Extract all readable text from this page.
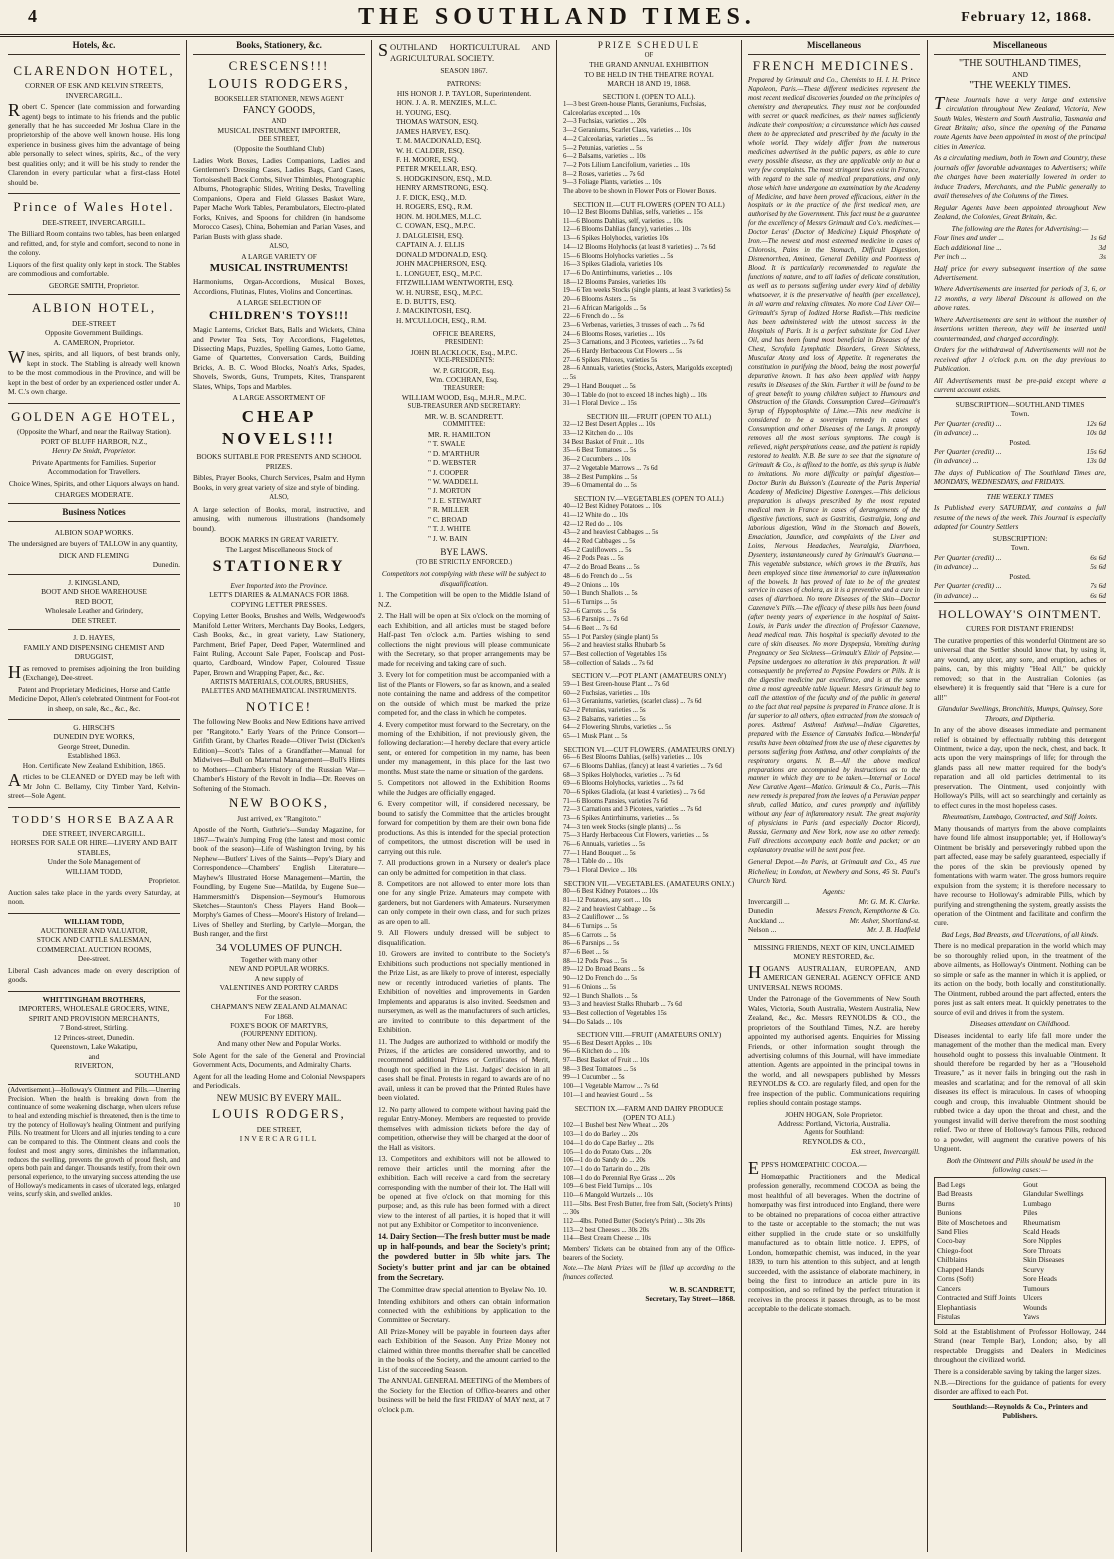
4	THE SOUTHLAND TIMES.	February 12, 1868.
Hotels, &c.
CLARENDON HOTEL,
CORNER OF ESK AND KELVIN STREETS, INVERCARGILL.

Robert C. Spencer (late commission and forwarding agent) begs to intimate to his friends and the public generally that he has succeeded Mr Joshua Clare in the proprietorship of the above well known house. His long experience in business gives him the advantage of being able personally to select wines, spirits, &c., of the very best qualities only; and it will be his study to render the Clarendon in every particular what a first-class Hotel should be.

Prince of Wales Hotel.
DEE-STREET, INVERCARGILL.

The Billiard Room contains two tables, has been enlarged and refitted, and, for style and comfort, second to none in the colony.

Liquors of the first quality only kept in stock. The Stables are commodious and comfortable.

GEORGE SMITH, Proprietor.
ALBION HOTEL,
DEE-STREET
Opposite Government Buildings.
A. CAMERON, Proprietor.

Wines, spirits, and all liquors, of best brands only, kept in stock. The Stabling is already well known to be the most commodious in the Province, and will be kept in the best of order by an experienced ostler under A. M. C.'s own charge.

GOLDEN AGE HOTEL,
(Opposite the Wharf, and near the Railway Station).
PORT OF BLUFF HARBOR, N.Z.,
Henry De Smidt, Proprietor.

Private Apartments for Families. Superior Accommodation for Travellers.

Choice Wines, Spirits, and other Liquors always on hand.

CHARGES MODERATE.
Business Notices
ALBION SOAP WORKS.

The undersigned are buyers of TALLOW in any quantity,

DICK AND FLEMING
Dunedin.
J. KINGSLAND,
BOOT AND SHOE WAREHOUSE
RED BOOT,
Wholesale Leather and Grindery,
DEE STREET.
J. D. HAYES,
FAMILY AND DISPENSING CHEMIST AND DRUGGIST,

Has removed to premises adjoining the Iron building (Exchange), Dee-street.

Patent and Proprietary Medicines, Horse and Cattle Medicine Depot, Allen's celebrated Ointment for Foot-rot in sheep, on sale, &c., &c., &c.

G. HIRSCH'S
DUNEDIN DYE WORKS,
George Street, Dunedin.
Established 1863.
Hon. Certificate New Zealand Exhibition, 1865.

Articles to be CLEANED or DYED may be left with Mr John C. Bellamy, City Timber Yard, Kelvin-street—Sole Agent.

TODD'S HORSE BAZAAR
DEE STREET, INVERCARGILL.
HORSES FOR SALE OR HIRE—LIVERY AND BAIT STABLES,
Under the Sole Management of
WILLIAM TODD,
Proprietor.

Auction sales take place in the yards every Saturday, at noon.

WILLIAM TODD,
AUCTIONEER AND VALUATOR,
STOCK AND CATTLE SALESMAN,
COMMERCIAL AUCTION ROOMS,
Dee-street.

Liberal Cash advances made on every description of goods.

WHITTINGHAM BROTHERS,
IMPORTERS, WHOLESALE GROCERS, WINE, SPIRIT AND PROVISION MERCHANTS,
7 Bond-street, Stirling.
12 Princes-street, Dunedin.
Queenstown, Lake Wakatipu,
and
RIVERTON,
SOUTHLAND

(Advertisement.)—Holloway's Ointment and Pills.—Unerring Precision. When the health is breaking down from the continuance of some weakening discharge, when ulcers refuse to heal and extending mischief is threatened, then is the time to try the potency of Holloway's healing Ointment and purifying Pills. No treatment for Ulcers and all injuries tending to a cure can be compared to this. The Ointment cleans and cools the foulest and most angry sores, diminishes the inflammation, reduces the swelling, prevents the growth of proud flesh, and opens both pain and danger. Thousands testify, from their own personal experience, to the unvarying success attending the use of Holloway's medicaments in cases of ulcerated legs, enlarged veins, scurfy skin, and swelled ankles.

10
Books, Stationery, &c.
CRESCENS!!!
LOUIS RODGERS,
BOOKSELLER STATIONER, NEWS AGENT
FANCY GOODS,
AND
MUSICAL INSTRUMENT IMPORTER,
DEE STREET,
(Opposite the Southland Club)

Ladies Work Boxes, Ladies Companions, Ladies and Gentlemen's Dressing Cases, Ladies Bags, Card Cases, Tortoiseshell Back Combs, Silver Thimbles, Photographic Albums, Photographic Slides, Writing Desks, Travelling Companions, Opera and Field Glasses Basket Ware, Paper Mache Work Tables, Perambulators, Electro-plated Forks, Knives, and Spoons for children (in handsome Morocco Cases), China, Bohemian and Parian Vases, and Parian Busts with glass shade.

ALSO,
A LARGE VARIETY OF
MUSICAL INSTRUMENTS!

Harmoniums, Organ-Accordions, Musical Boxes, Accordions, Flutinas, Flutes, Violins and Concertinas.

A LARGE SELECTION OF
CHILDREN'S TOYS!!!

Magic Lanterns, Cricket Bats, Balls and Wickets, China and Pewter Tea Sets, Toy Accordions, Flagelettes, Dissecting Maps, Puzzles, Spelling Games, Lotto Game, Game of Quartettes, Conversation Cards, Building Bricks, A. B. C. Wood Blocks, Noah's Arks, Spades, Shovels, Swords, Guns, Trumpets, Kites, Transparent Slates, Whips, Tops and Marbles.

A LARGE ASSORTMENT OF
CHEAP NOVELS!!!
BOOKS SUITABLE FOR PRESENTS AND SCHOOL PRIZES.

Bibles, Prayer Books, Church Services, Psalm and Hymn Books, in very great variety of size and style of binding.

ALSO,

A large selection of Books, moral, instructive, and amusing, with numerous illustrations (handsomely bound).

BOOK MARKS IN GREAT VARIETY.
The Largest Miscellaneous Stock of
STATIONERY
Ever Imported into the Province.
LETT'S DIARIES & ALMANACS FOR 1868.
COPYING LETTER PRESSES.

Copying Letter Books, Brushes and Wells, Wedgewood's Manifold Letter Writers, Merchants Day Books, Ledgers, Cash Books, &c., in great variety, Law Stationery, Parchment, Brief Paper, Deed Paper, Watermlined and Faint Ruling, Account Sale Paper, Foolscap and Post-quarto, Cardboard, Window Paper, Coloured Tissue Paper, Brown and Wrapping Paper, &c., &c.

ARTISTS MATERIALS, COLOURS, BRUSHES, PALETTES AND MATHEMATICAL INSTRUMENTS.
NOTICE!

The following New Books and New Editions have arrived per "Rangitoto." Early Years of the Prince Consort—Grifith Grant, by Charles Reade—Oliver Twist (Dicken's Edition)—Scott's Tales of a Grandfather—Manual for Midwives—Bull on Maternal Management—Bull's Hints to Mothers—Chamber's History of the Russian War—Chamber's History of the Revolt in India—Dr. Reeves on Softening of the Stomach.

NEW BOOKS,
Just arrived, ex "Rangitoto."

Apostle of the North, Guthrie's—Sunday Magazine, for 1867—Twain's Jumping Frog (the latest and most comic book of the season)—Life of Washington Irving, by his Nephew—Butlers' Lives of the Saints—Pepy's Diary and Correspondence—Chambers' English Literature—Mayhew's Illustrated Horse Management—Martin, the Foundling, by Eugene Sue—Matilda, by Eugene Sue—Hammersmith's Dispension—Seymour's Humorous Sketches—Staunton's Chess Players Hand Book—Morphy's Games of Chess—Moore's History of Ireland—Lives of Shelley and Sterling, by Carlyle—Morgan, the Bush ranger, and the first

34 VOLUMES OF PUNCH.
Together with many other
NEW AND POPULAR WORKS.
A new supply of
VALENTINES AND PORTRY CARDS
For the season.
CHAPMAN'S NEW ZEALAND ALMANAC
For 1868.
FOXE'S BOOK OF MARTYRS,
(FOURPENNY EDITION).
And many other New and Popular Works.

Sole Agent for the sale of the General and Provincial Government Acts, Documents, and Admiralty Charts.

Agent for all the leading Home and Colonial Newspapers and Periodicals.

NEW MUSIC BY EVERY MAIL.
LOUIS RODGERS,
DEE STREET,
INVERCARGILL

SOUTHLAND HORTICULTURAL AND AGRICULTURAL SOCIETY.

SEASON 1867.
PATRONS:
HIS HONOR J. P. TAYLOR, Superintendent.
HON. J. A. R. MENZIES, M.L.C.
H. YOUNG, ESQ.
THOMAS WATSON, ESQ.
JAMES HARVEY, ESQ.
T. M. MACDONALD, ESQ.
W. H. CALDER, ESQ.
F. H. MOORE, ESQ.
PETER M'KELLAR, ESQ.
S. HODGKINSON, ESQ., M.D.
HENRY ARMSTRONG, ESQ.
J. F. DICK, ESQ., M.D.
H. ROGERS, ESQ., R.M.
HON. M. HOLMES, M.L.C.
C. COWAN, ESQ., M.P.C.
J. DALGLEISH, ESQ.
CAPTAIN A. J. ELLIS
DONALD M'DONALD, ESQ.
JOHN MACPHERSON, ESQ.
L. LONGUET, ESQ., M.P.C.
FITZWILLIAM WENTWORTH, ESQ.
W. H. NURSE, ESQ., M.P.C.
E. D. BUTTS, ESQ.
J. MACKINTOSH, ESQ.
H. M'CULLOCH, ESQ., R.M.
OFFICE BEARERS,
PRESIDENT:
JOHN BLACKLOCK, Esq., M.P.C.
VICE-PRESIDENTS:
W. P. GRIGOR, Esq.
Wm. COCHRAN, Esq.
TREASURER:
WILLIAM WOOD, Esq., M.H.R., M.P.C.
SUB-TREASURER AND SECRETARY:
MR. W. B. SCANDRETT.
COMMITTEE:
MR. R. HAMILTON
" T. SWALE
" D. M'ARTHUR
" D. WEBSTER
" J. COOPER
" W. WADDELL
" J. MORTON
" J. E. STEWART
" R. MILLER
" C. BROAD
" T. J. WHITE
" J. W. BAIN
BYE LAWS.
(TO BE STRICTLY ENFORCED.)

Competitors not complying with these will be subject to disqualification.

1. The Competition will be open to the Middle Island of N.Z.

2. The Hall will be open at Six o'clock on the morning of each Exhibition, and all articles must be staged before Half-past Ten o'clock a.m. Parties wishing to send collections the night previous will please communicate with the Secretary, so that proper arrangements may be made for receiving and taking care of such.

3. Every lot for competition must be accompanied with a list of the Plants or Flowers, so far as known, and a sealed note containing the name and address of the competitor on the outside of which must be marked the prize competed for, and the class in which he competes.

4. Every competitor must forward to the Secretary, on the morning of the Exhibition, if not previously given, the following declaration:—I hereby declare that every article sent, or entered for competition in my name, has been under my management, in this place for the last two months. Must state the name or situation of the gardens.

5. Competitors not allowed in the Exhibition Rooms while the Judges are officially engaged.

6. Every competitor will, if considered necessary, be bound to satisfy the Committee that the articles brought forward for competition by them are their own bona fide productions. As this is intended for the special protection of competitors, the utmost discretion will be used in carrying out this rule.

7. All productions grown in a Nursery or dealer's place can only be admitted for competition in that class.

8. Competitors are not allowed to enter more lots than one for any single Prize. Amateurs may compete with gardeners, but not Gardeners with Amateurs. Nurserymen can only compete in their own class, and for such prizes as are open to all.

9. All Flowers unduly dressed will be subject to disqualification.

10. Growers are invited to contribute to the Society's Exhibitions such productions not specially mentioned in the Prize List, as are likely to prove of interest, especially new or recently introduced varieties of plants. The Exhibition of novelties and improvements in Garden Implements and apparatus is also invited. Seedsmen and nurserymen, as well as the manufacturers of such articles, are invited to contribute to this department of the Exhibition.

11. The Judges are authorized to withhold or modify the Prizes, if the articles are considered unworthy, and to recommend additional Prizes or Certificates of Merit, though not specified in the List. Judges' decision in all cases shall be final. Protests in regard to awards are of no avail, unless it can be proved that the Printed Rules have been violated.

12. No party allowed to compete without having paid the regular Entry-Money. Members are requested to provide themselves with admission tickets before the day of competition, otherwise they will be charged at the door of the Hall as visitors.

13. Competitors and exhibitors will not be allowed to remove their articles until the morning after the exhibition. Each will receive a card from the secretary corresponding with the number of their lot. The Hall will be opened at five o'clock on that morning for this purpose; and, as this rule has been formed with a direct view to the interest of all parties, it is hoped that it will not put any Exhibitor or Competitor to inconvenience.

14. Dairy Section—The fresh butter must be made up in half-pounds, and bear the Society's print; the powdered butter in 5lb white jars. The Society's butter print and jar can be obtained from the Secretary.

The Committee draw special attention to Byelaw No. 10.

Intending exhibitors and others can obtain information connected with the exhibitions by application to the Committee or Secretary.

All Prize-Money will be payable in fourteen days after each Exhibition of the Season. Any Prize Money not claimed within three months thereafter shall be cancelled in the books of the Society, and the amount carried to the List of the succeeding Season.

The ANNUAL GENERAL MEETING of the Members of the Society for the Election of Office-bearers and other business will be held the first FRIDAY of MAY next, at 7 o'clock p.m.

PRIZE SCHEDULE
OF
THE GRAND ANNUAL EXHIBITION
TO BE HELD IN THE THEATRE ROYAL
MARCH 18 AND 19, 1868.
SECTION I. (OPEN TO ALL).
1—3 best Green-house Plants, Geraniums, Fuchsias, Calceolarias excepted ... 10s
2—3 Fuchsias, varieties ... 20s
3—2 Geraniums, Scarlet Class, varieties ... 10s
4—2 Calceolarias, varieties ... 5s
5—2 Petunias, varieties ... 5s
6—2 Balsams, varieties ... 10s
7—2 Pots Lilium Lancifolium, varieties ... 10s
8—2 Roses, varieties ... 7s 6d
9—3 Foliage Plants, varieties ... 10s
The above to be shown in Flower Pots or Flower Boxes.
SECTION II.—CUT FLOWERS (OPEN TO ALL)
10—12 Best Blooms Dahlias, selfs, varieties ... 15s
11—6 Blooms Dahlias, self, varieties ... 10s
12—6 Blooms Dahlias (fancy), varieties ... 10s
13—6 Spikes Holyhocks, varieties 10s
14—12 Blooms Holyhocks (at least 8 varieties) ... 7s 6d
15—6 Blooms Holyhocks varieties ... 5s
16—3 Spikes Gladiola, varieties 10s
17—6 Do Antirrhinums, varieties ... 10s
18—12 Blooms Pansies, varieties 10s
19—6 Ten weeks Stocks (single plants, at least 3 varieties) 5s
20—6 Blooms Asters ... 5s
21—6 African Marigolds ... 5s
22—6 French do ... 5s
23—6 Verbenas, varieties, 3 trusses of each ... 7s 6d
24—6 Blooms Roses, varieties ... 10s
25—3 Carnations, and 3 Picotees, varieties ... 7s 6d
26—6 Hardy Herbaceous Cut Flowers ... 5s
27—6 Spikes Phloxes, varieties 5s
28—6 Annuals, varieties (Stocks, Asters, Marigolds excepted) ... 5s
29—1 Hand Bouquet ... 5s
30—1 Table do (not to exceed 18 inches high) ... 10s
31—1 Floral Device ... 15s
SECTION III.—FRUIT (OPEN TO ALL)
32—12 Best Desert Apples ... 10s
33—12 Kitchen do ... 10s
34 Best Basket of Fruit ... 10s
35—6 Best Tomatoes ... 5s
36—2 Cucumbers ... 10s
37—2 Vegetable Marrows ... 7s 6d
38—2 Best Pumpkins ... 5s
39—6 Ornamental do ... 5s
SECTION IV.—VEGETABLES (OPEN TO ALL)
40—12 Best Kidney Potatoes ... 10s
41—12 White do ... 10s
42—12 Red do ... 10s
43—2 and heaviest Cabbages ... 5s
44—2 Red Cabbages ... 5s
45—2 Cauliflowers ... 5s
46—2 Pods Peas ... 5s
47—2 do Broad Beans ... 5s
48—6 do French do ... 5s
49—2 Onions ... 10s
50—1 Bunch Shallots ... 5s
51—6 Turnips ... 5s
52—6 Carrots ... 5s
53—6 Parsnips ... 7s 6d
54—6 Beet ... 7s 6d
55—1 Pot Parsley (single plant) 5s
56—2 and heaviest stalks Rhubarb 5s
57—Best collection of Vegetables 15s
58—collection of Salads ... 7s 6d
SECTION V.—POT PLANT (AMATEURS ONLY)
59—1 Best Green-house Plant ... 7s 6d
60—2 Fuchsias, varieties ... 10s
61—3 Geraniums, varieties, (scarlet class) ... 7s 6d
62—2 Petunias, varieties ... 5s
63—2 Balsams, varieties ... 5s
64—2 Flowering Shrubs, varieties ... 5s
65—1 Musk Plant ... 5s
SECTION VI.—CUT FLOWERS. (AMATEURS ONLY)
66—6 Best Blooms Dahlias, (selfs) varieties ... 10s
67—6 Blooms Dahlias, (fancy) at least 4 varieties ... 7s 6d
68—3 Spikes Holyhocks, varieties ... 7s 6d
69—6 Blooms Holyhocks, varieties ... 7s 6d
70—6 Spikes Gladiola, (at least 4 varieties) ... 7s 6d
71—6 Blooms Pansies, varieties 7s 6d
72—3 Carnations and 3 Picotees, varieties ... 7s 6d
73—6 Spikes Antirrhinums, varieties ... 5s
74—3 ten week Stocks (single plants) ... 5s
75—3 Hardy Herbaceous Cut Flowers, varieties ... 5s
76—6 Annuals, varieties ... 5s
77—1 Hand Bouquet ... 5s
78—1 Table do ... 10s
79—1 Floral Device ... 10s
SECTION VII.—VEGETABLES. (AMATEURS ONLY.)
80—6 Best Kidney Potatoes ... 10s
81—12 Potatoes, any sort ... 10s
82—2 and heaviest Cabbage ... 5s
83—2 Cauliflower ... 5s
84—6 Turnips ... 5s
85—6 Carrots ... 5s
86—6 Parsnips ... 5s
87—6 Beet ... 5s
88—12 Pods Peas ... 5s
89—12 Do Broad Beans ... 5s
90—12 Do French do ... 5s
91—6 Onions ... 5s
92—1 Bunch Shallots ... 5s
93—3 and heaviest Stalks Rhubarb ... 7s 6d
93—Best collection of Vegetables 15s
94—Do Salads ... 10s
SECTION VIII.—FRUIT (AMATEURS ONLY)
95—6 Best Desert Apples ... 10s
96—6 Kitchen do ... 10s
97—Best Basket of Fruit ... 10s
98—3 Best Tomatoes ... 5s
99—1 Cucumber ... 5s
100—1 Vegetable Marrow ... 7s 6d
101—1 and heaviest Gourd ... 5s
SECTION IX.—FARM AND DAIRY PRODUCE (OPEN TO ALL)
102—1 Bushel best New Wheat ... 20s
103—1 do do Barley ... 20s
104—1 do do Cape Barley ... 20s
105—1 do do Potato Oats ... 20s
106—1 do do Sandy do ... 20s
107—1 do do Tartarin do ... 20s
108—1 do do Perennial Rye Grass ... 20s
109—6 best Field Turnips ... 10s
110—6 Mangold Wurtzels ... 10s
111—5lbs. Best Fresh Butter, free from Salt, (Society's Prints) ... 30s
112—4lbs. Potted Butter (Society's Print) ... 30s 20s
113—2 best Cheeses ... 30s 20s
114—Best Cream Cheese ... 10s

Members' Tickets can be obtained from any of the Office-bearers of the Society.

Note.—The blank Prizes will be filled up according to the finances collected.

W. B. SCANDRETT,
Secretary, Tay Street—1868.
Miscellaneous
FRENCH MEDICINES.

Prepared by Grimault and Co., Chemists to H. I. H. Prince Napoleon, Paris.—These different medicines represent the most recent medical discoveries founded on the principles of chemistry and therapeutics. They must not be confounded with secret or quack medicines, as their names sufficiently indicate their composition; a circumstance which has caused them to be appreciated and prescribed by the faculty in the whole world. They widely differ from the numerous medicines advertised in the public papers, as able to cure every possible disease, as they are applicable only to but a very few complaints. The most stringent laws exist in France, with regard to the sale of medical preparations, and only those which have undergone an examination by the Academy of Medicine, and have been proved efficacious, either in the hospitals or in the practice of the first medical men, are authorised by the Government. This fact must be a guarantee for the excellency of Messrs Grimault and Co's. medicines.—Doctor Leras' (Doctor of Medicine) Liquid Phosphate of Iron.—The newest and most esteemed medicine in cases of Chlorosis, Pains in the Stomach, Difficult Digestion, Dismenorrhea, Aminea, General Debility and Poorness of Blood. It is particularly recommended to regulate the functions of nature, and to all ladies of delicate constitution, as well as to persons suffering under every kind of debility whatsoever, it is the preservative of health (per excellence), in all warm and relaxing climates. No more Cod Liver Oil—Grimault's Syrup of Iodized Horse Radish.—This medicine has been administered with the utmost success in the Hospitals of Paris. It is a perfect substitute for Cod Liver Oil, and has been found most beneficial in Diseases of the Chest, Scrofula Lymphatic Disorders, Green Sickness, Muscular Atony and loss of Appetite. It regenerates the constitution in purifying the blood, being the most powerful depurative known. It has also been applied with happy results in Diseases of the Skin. Further it will be found to be of great benefit to young children subject to Humours and Obstruction of the Glands. Consumption Cured—Grimault's Syrup of Hypophosphite of Lime.—This new medicine is considered to be a sovereign remedy in cases of Consumption and other Diseases of the Lungs. It promptly removes all the most serious symptoms. The cough is relieved, night perspirations cease, and the patient is rapidly restored to health. N.B. Be sure to see that the signature of Grimault & Co., is affixed to the bottle, as this syrup is liable to imitations. No more difficulty or painful digestion—Doctor Burin du Buisson's (Laureate of the Paris Imperial Academy of Medicine) Digestive Lozenges.—This delicious preparation is always prescribed by the most reputed medical men in France in cases of derangements of the digestive functions, such as Gastritis, Gastralgia, long and laborious digestion, Wind in the Stomach and Bowels, Emaciation, Jaundice, and complaints of the Liver and Loins, Nervous Headaches, Neuralgia, Diarrhoea, Dysentery, instantaneously cured by Grimault's Guarana.—This vegetable substance, which grows in the Brazils, has been employed since time immemorial to cure inflammation of the bowels. It has proved of late to be of the greatest service in cases of cholera, as it is a preventive and a cure in cases of diarrhoea. No more Diseases of the Skin—Doctor Cazenave's Pills.—The efficacy of these pills has been found (after twenty years of experience in the hospital of Saint-Louis, in Paris under the direction of Professor Cazenave, head medical man. This hospital is specially devoted to the cure of skin diseases. No more Dyspepsia, Vomiting during Pregnancy or Sea Sickness—Grimault's Elixir of Pepsine.—Pepsine undergoes no alteration in this preparation. It will consequently be preferred to Pepsine Powders or Pills. It is the digestive medicine par excellence, and is at the same time a most agreeable table liqueur. Messrs Grimault beg to call the attention of the faculty and of the public in general to the fact that real pepsine is prepared in France alone. It is far superior to all others, often extracted from the stomach of pores. Asthma! Asthma! Asthma!—Indian Cigarettes, prepared with the Essence of Cannabis Indica.—Wonderful results have been obtained from the use of these cigarettes by persons suffering from Asthma, and other complaints of the respiratory organs. N. B.—All the above medical preparations are accompanied by instructions as to the manner in which they are to be taken.—Internal or Local New Curative Agent—Matico. Grimault & Co., Paris.—This new remedy is prepared from the leaves of a Peruvian pepper shrub, called Matico, and cures promptly and infallibly without any fear of inflammatory result. The great majority of physicians in Paris (and especially Doctor Ricord), Russia, Germany and New York, now use no other remedy. Full directions accompany each bottle and packet; or an explanatory treatise will be sent post free.

General Depot.—In Paris, at Grimault and Co., 45 rue Richelieu; in London, at Newbery and Sons, 45 St. Paul's Church Yard.

Agents:
Invercargill ...	Mr. G. M. K. Clarke.
Dunedin	Messrs French, Kempthorne & Co.
Auckland ...	Mr. Asher, Shortland-st.
Nelson ...	Mr. J. B. Hadfield
MISSING FRIENDS, NEXT OF KIN, UNCLAIMED MONEY RESTORED, &c.

HOGAN'S AUSTRALIAN, EUROPEAN, AND AMERICAN GENERAL AGENCY OFFICE AND UNIVERSAL NEWS ROOMS.

Under the Patronage of the Governments of New South Wales, Victoria, South Australia, Western Australia, New Zealand, &c., &c. Messrs REYNOLDS & CO., the proprietors of the Southland Times, N.Z. are hereby appointed my authorised agents. Enquiries for Missing Friends, or other information sought through the advertising columns of this Journal, will have immediate attention. Agents are appointed in the principal towns in the world, and all newspapers published by Messrs REYNOLDS & CO. are regularly filed, and open for the free inspection of the public. Communications requiring replies should contain postage stamps.

JOHN HOGAN, Sole Proprietor.
Address: Portland, Victoria, Australia.
Agents for Southland:
REYNOLDS & CO.,
Esk street, Invercargill.

EPPS'S HOMŒPATHIC COCOA.—

Homœpathic Practitioners and the Medical profession generally, recommend COCOA as being the most healthful of all beverages. When the doctrine of homœpathy was first introduced into England, there were to be obtained no preparations of cocoa either attractive to the taste or acceptable to the stomach; the nut was either supplied in the crude state or so unskilfully manufactured as to obtain little notice. J. EPPS, of London, homœpathic chemist, was induced, in the year 1839, to turn his attention to this subject, and at length succeeded, with the assistance of elaborate machinery, in being the first to introduce an article pure in its composition, and so refined by the perfect trituration it receives in the process it passes through, as to be most acceptable to the delicate stomach.

Miscellaneous
"THE SOUTHLAND TIMES,
AND
"THE WEEKLY TIMES.

These Journals have a very large and extensive circulation throughout New Zealand, Victoria, New South Wales, Western and South Australia, Tasmania and Great Britain; also, since the opening of the Panama route Agents have been appointed in most of the principal cities in America.

As a circulating medium, both in Town and Country, these journals offer favorable advantages to Advertisers; while the charges have been materially lowered in order to induce Traders, Merchants, and the Public generally to avail themselves of the Columns of the Times.

Regular Agents have been appointed throughout New Zealand, the Colonies, Great Britain, &c.

The following are the Rates for Advertising:—
Four lines and under ...	1s 6d
Each additional line ...	3d
Per inch ...	3s

Half price for every subsequent insertion of the same Advertisement.

Where Advertisements are inserted for periods of 3, 6, or 12 months, a very liberal Discount is allowed on the above rates.

Where Advertisements are sent in without the number of insertions written thereon, they will be inserted until countermanded, and charged accordingly.

Orders for the withdrawal of Advertisements will not be received after 1 o'clock p.m. on the day previous to Publication.

All Advertisements must be pre-paid except where a current account exists.

SUBSCRIPTION—SOUTHLAND TIMES
Town.
Per Quarter (credit) ...	12s 6d
(in advance) ...	10s 0d
Posted.
Per Quarter (credit) ...	15s 6d
(in advance) ...	13s 0d

The days of Publication of The Southland Times are, MONDAYS, WEDNESDAYS, and FRIDAYS.

THE WEEKLY TIMES

Is Published every SATURDAY, and contains a full resume of the news of the week. This Journal is especially adapted for Country Settlers

SUBSCRIPTION:
Town.
Per Quarter (credit) ...	6s 6d
(in advance) ...	5s 6d
Posted.
Per Quarter (credit) ...	7s 6d
(in advance) ...	6s 6d
HOLLOWAY'S OINTMENT.
CURES FOR DISTANT FRIENDS!

The curative properties of this wonderful Ointment are so universal that the Settler should know that, by using it, any wound, any ulcer, any sore, and eruption, aches or pains, can, by this mighty "Heal All," be quickly removed; so that in the Australian Colonies (as elsewhere) it is frequently said that "Here is a cure for all!"

Glandular Swellings, Bronchitis, Mumps, Quinsey, Sore Throats, and Diptheria.

In any of the above diseases immediate and permanent relief is obtained by effectually rubbing this detergent Ointment, twice a day, upon the neck, chest, and back. It acts upon the very mainsprings of life; for through the glands pass all new matter required for the body's reparation and all old particles detrimental to its preservation. The Ointment, used conjointly with Holloway's Pills, will act so searchingly and certainly as to effect cures in the most hopeless cases.

Rheumatism, Lumbago, Contracted, and Stiff Joints.

Many thousands of martyrs from the above complaints have found life almost insupportable; yet, if Holloway's Ointment be briskly and perseveringly rubbed upon the part affected, ease may be safely guaranteed, especially if the pores of the skin be previously opened by fomentations with warm water. The gross humors require expulsion from the system; it is therefore necessary to have recourse to Holloway's admirable Pills, which by purifying and strengthening the system, greatly assists the operation of the Ointment and facilitate and confirm the cure.

Bad Legs, Bad Breasts, and Ulcerations, of all kinds.

There is no medical preparation in the world which may be so thoroughly relied upon, in the treatment of the above ailments, as Holloway's Ointment. Nothing can be so simple or safe as the manner in which it is applied, or its action on the body, both locally and constitutionally. The Ointment, rubbed around the part affected, enters the pores just as salt enters meat. It quickly penetrates to the source of evil and drives it from the system.

Diseases attendant on Childhood.

Diseases incidental to early life fall more under the management of the mother than the medical man. Every household ought to possess this invaluable Ointment. It should therefore be regarded by her as a "Household Treasure," as it never fails in bringing out the rash in measles and scarlatina; and for the removal of all skin diseases its effect is miraculous. In cases of whooping cough and croup, this invaluable Ointment should be rubbed twice a day upon the throat and chest, and the youngest invalid will derive therefrom the most soothing relief. Two or three of Holloway's famous Pills, reduced to a powder, will augment the curative powers of his Unguent.

Both the Ointment and Pills should be used in the following cases:—

Bad Legs
Bad Breasts
Burns
Bunions
Bite of Moschetoes and Sand Flies
Coco-bay
Chiego-foot
Chilblains
Chapped Hands
Corns (Soft)
Cancers
Contracted and Stiff Joints
Elephantiasis
Fistulas
Gout
Glandular Swellings
Lumbago
Piles
Rheumatism
Scald Heads
Sore Nipples
Sore Throats
Skin Diseases
Scurvy
Sore Heads
Tumours
Ulcers
Wounds
Yaws

Sold at the Establishment of Professor Holloway, 244 Strand (near Temple Bar), London; also, by all respectable Druggists and Dealers in Medicines throughout the civilized world.

There is a considerable saving by taking the larger sizes.

N.B.—Directions for the guidance of patients for every disorder are affixed to each Pot.

Southland:—Reynolds & Co., Printers and Publishers.
